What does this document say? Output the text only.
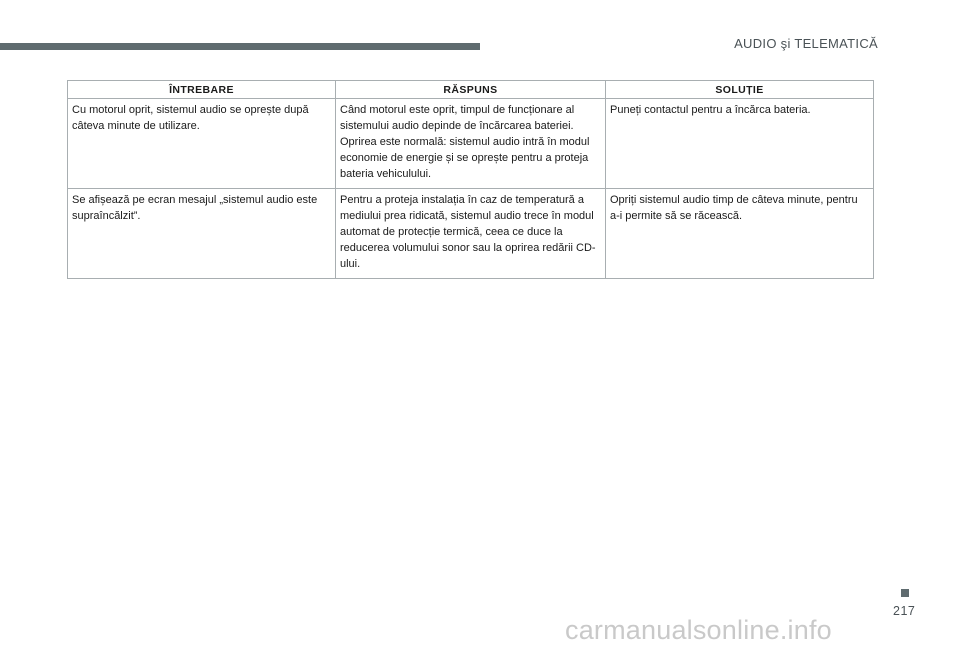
AUDIO şi TELEMATICĂ
ÎNTREBARE	RĂSPUNS	SOLUȚIE
Cu motorul oprit, sistemul audio se oprește după câteva minute de utilizare.	Când motorul este oprit, timpul de funcționare al sistemului audio depinde de încărcarea bateriei. Oprirea este normală: sistemul audio intră în modul economie de energie și se oprește pentru a proteja bateria vehiculului.	Puneți contactul pentru a încărca bateria.
Se afișează pe ecran mesajul „sistemul audio este supraîncălzit”.	Pentru a proteja instalația în caz de temperatură a mediului prea ridicată, sistemul audio trece în modul automat de protecție termică, ceea ce duce la reducerea volumului sonor sau la oprirea redării CD-ului.	Opriți sistemul audio timp de câteva minute, pentru a-i permite să se răcească.
217
carmanualsonline.info
